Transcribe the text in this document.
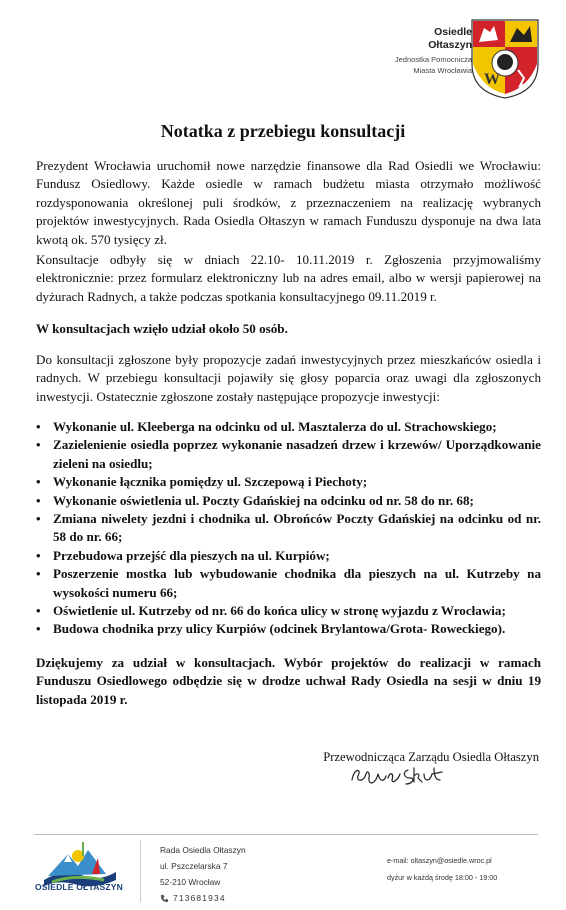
Osiedle
Ołtaszyn
Jednostka Pomocnicza
Miasta Wrocławia
W
Notatka z przebiegu konsultacji

Prezydent Wrocławia uruchomił nowe narzędzie finansowe dla Rad Osiedli we Wrocławiu: Fundusz Osiedlowy. Każde osiedle w ramach budżetu miasta otrzymało możliwość rozdysponowania określonej puli środków, z przeznaczeniem na realizację wybranych projektów inwestycyjnych. Rada Osiedla Ołtaszyn w ramach Funduszu dysponuje na dwa lata kwotą ok. 570 tysięcy zł.

Konsultacje odbyły się w dniach 22.10- 10.11.2019 r. Zgłoszenia przyjmowaliśmy elektronicznie: przez formularz elektroniczny lub na adres email, albo w wersji papierowej na dyżurach Radnych, a także podczas spotkania konsultacyjnego 09.11.2019 r.

W konsultacjach wzięło udział około 50 osób.

Do konsultacji zgłoszone były propozycje zadań inwestycyjnych przez mieszkańców osiedla i radnych. W przebiegu konsultacji pojawiły się głosy poparcia oraz uwagi dla zgłoszonych inwestycji. Ostatecznie zgłoszone zostały następujące propozycje inwestycji:

• Wykonanie ul. Kleeberga na odcinku od ul. Masztalerza do ul. Strachowskiego;
• Zazielenienie osiedla poprzez wykonanie nasadzeń drzew i krzewów/ Uporządkowanie zieleni na osiedlu;
• Wykonanie łącznika pomiędzy ul. Szczepową i Piechoty;
• Wykonanie oświetlenia ul. Poczty Gdańskiej na odcinku od nr. 58 do nr. 68;
• Zmiana niwelety jezdni i chodnika ul. Obrońców Poczty Gdańskiej na odcinku od nr. 58 do nr. 66;
• Przebudowa przejść dla pieszych na ul. Kurpiów;
• Poszerzenie mostka lub wybudowanie chodnika dla pieszych na ul. Kutrzeby na wysokości numeru 66;
• Oświetlenie ul. Kutrzeby od nr. 66 do końca ulicy w stronę wyjazdu z Wrocławia;
• Budowa chodnika przy ulicy Kurpiów (odcinek Brylantowa/Grota- Roweckiego).

Dziękujemy za udział w konsultacjach. Wybór projektów do realizacji w ramach Funduszu Osiedlowego odbędzie się w drodze uchwał Rady Osiedla na sesji w dniu 19 listopada 2019 r.

Przewodnicząca Zarządu Osiedla Ołtaszyn
OSIEDLE OŁTASZYN
Rada Osiedla Ołtaszyn
ul. Pszczelarska 7
52-210 Wrocław
713681934
e-mail: oltaszyn@osiedle.wroc.pl
dyżur w każdą środę 18:00 - 19:00
